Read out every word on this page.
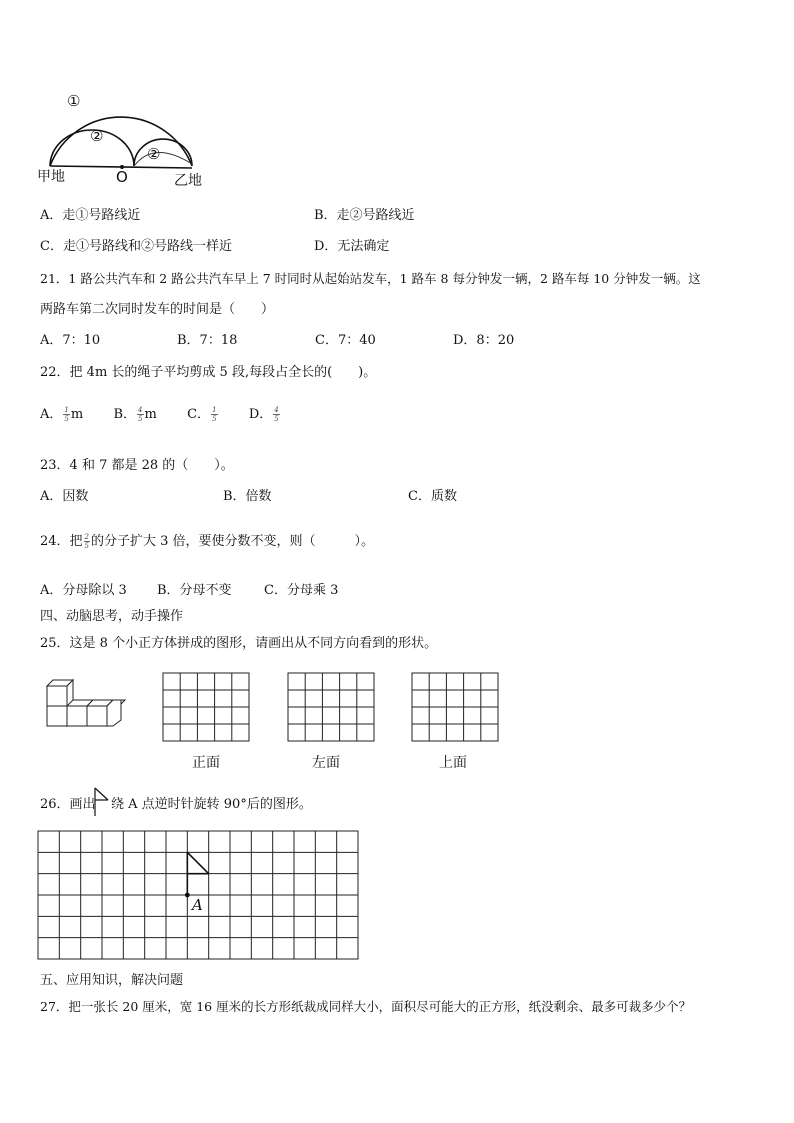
①
②
②
甲地	O	乙地
A．走①号路线近	B．走②号路线近
C．走①号路线和②号路线一样近	D．无法确定
21．1 路公共汽车和 2 路公共汽车早上 7 时同时从起始站发车，1 路车 8 每分钟发一辆，2 路车每 10 分钟发一辆。这
两路车第二次同时发车的时间是（　　）
A．7：10	B．7：18	C．7：40	D．8：20
22．把 4m 长的绳子平均剪成 5 段,每段占全长的(　　)。
A． $\frac{1}{5}$ m B． $\frac{4}{5}$ m C． $\frac{1}{5}$ D． $\frac{4}{5}$
23．4 和 7 都是 28 的（　　）。
A．因数	B．倍数	C．质数
24．把 $\frac{2}{5}$ 的分子扩大 3 倍，要使分数不变，则（　　　）。
A．分母除以 3 B．分母不变 C．分母乘 3
四、动脑思考，动手操作
25．这是 8 个小正方体拼成的图形，请画出从不同方向看到的形状。
正面	左面	上面
26．画出 绕 A 点逆时针旋转 90°后的图形。
A
五、应用知识，解决问题
27．把一张长 20 厘米，宽 16 厘米的长方形纸裁成同样大小，面积尽可能大的正方形，纸没剩余、最多可裁多少个？
